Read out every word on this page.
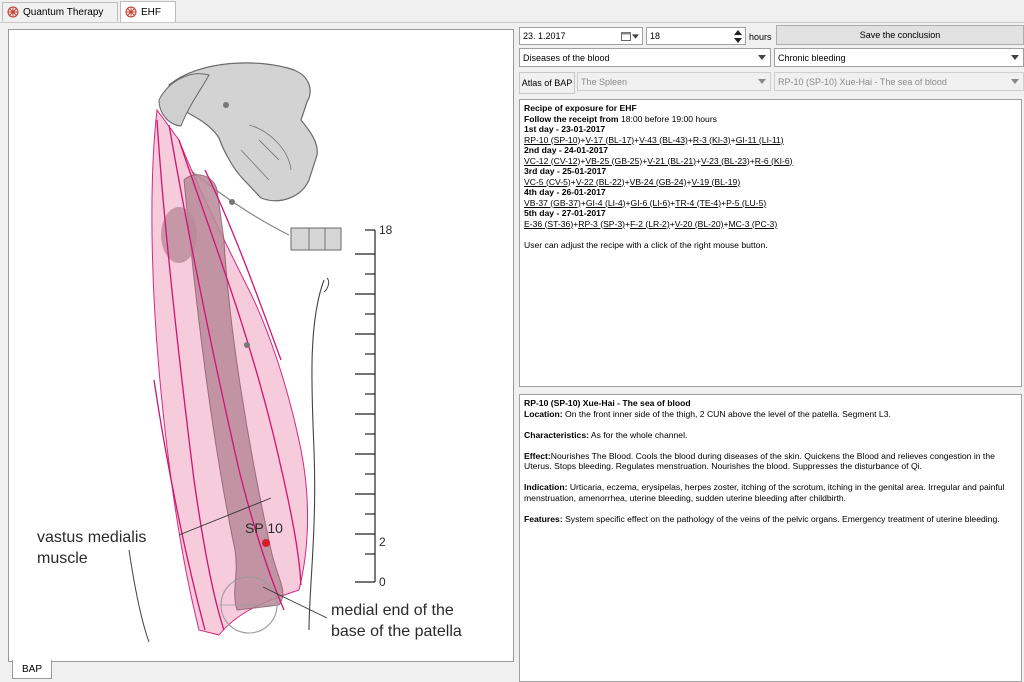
Quantum Therapy	EHF
SP 10
18
2
0
vastus medialis
muscle
medial end of the
base of the patella
BAP
23. 1.2017	18	hours	Save the conclusion
Diseases of the blood	Chronic bleeding
Atlas of BAP The Spleen	RP-10 (SP-10) Xue-Hai - The sea of blood
Recipe of exposure for EHF
Follow the receipt from 18:00 before 19:00 hours
1st day - 23-01-2017
RP-10 (SP-10)+V-17 (BL-17)+V-43 (BL-43)+R-3 (KI-3)+GI-11 (LI-11)
2nd day - 24-01-2017
VC-12 (CV-12)+VB-25 (GB-25)+V-21 (BL-21)+V-23 (BL-23)+R-6 (KI-6)
3rd day - 25-01-2017
VC-5 (CV-5)+V-22 (BL-22)+VB-24 (GB-24)+V-19 (BL-19)
4th day - 26-01-2017
VB-37 (GB-37)+GI-4 (LI-4)+GI-6 (LI-6)+TR-4 (TE-4)+P-5 (LU-5)
5th day - 27-01-2017
E-36 (ST-36)+RP-3 (SP-3)+F-2 (LR-2)+V-20 (BL-20)+MC-3 (PC-3)
User can adjust the recipe with a click of the right mouse button.
RP-10 (SP-10) Xue-Hai - The sea of blood
Location: On the front inner side of the thigh, 2 CUN above the level of the patella. Segment L3.
Characteristics: As for the whole channel.
Effect:Nourishes The Blood. Cools the blood during diseases of the skin. Quickens the Blood and relieves congestion in the Uterus. Stops bleeding. Regulates menstruation. Nourishes the blood. Suppresses the disturbance of Qi.
Indication: Urticaria, eczema, erysipelas, herpes zoster, itching of the scrotum, itching in the genital area. Irregular and painful menstruation, amenorrhea, uterine bleeding, sudden uterine bleeding after childbirth.
Features: System specific effect on the pathology of the veins of the pelvic organs. Emergency treatment of uterine bleeding.
